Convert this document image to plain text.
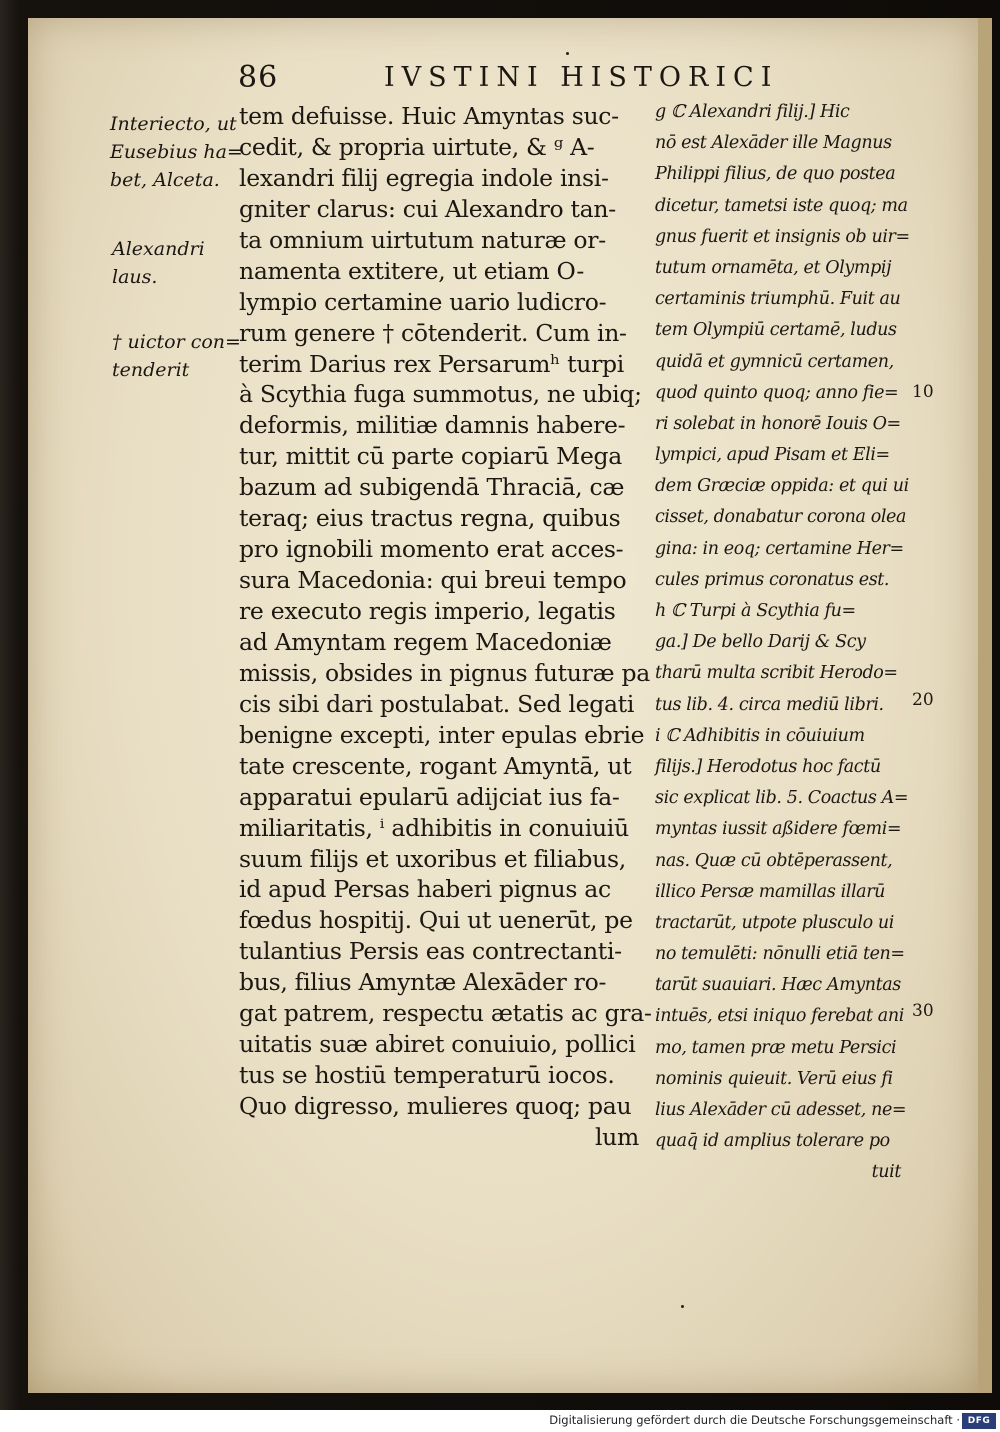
86	IVSTINI HISTORICI
Interiecto, ut
Eusebius ha=
bet, Alceta.
Alexandri
laus.
† uictor con=
tenderit
tem defuisse. Huic Amyntas suc-
cedit, & propria uirtute, & ᵍ A-
lexandri filij egregia indole insi-
gniter clarus: cui Alexandro tan-
ta omnium uirtutum naturæ or-
namenta extitere, ut etiam O-
lympio certamine uario ludicro-
rum genere † cōtenderit. Cum in-
terim Darius rex Persarumʰ turpi
à Scythia fuga summotus, ne ubiq;
deformis, militiæ damnis habere-
tur, mittit cū parte copiarū Mega
bazum ad subigendā Thraciā, cæ
teraq; eius tractus regna, quibus
pro ignobili momento erat acces-
sura Macedonia: qui breui tempo
re executo regis imperio, legatis
ad Amyntam regem Macedoniæ
missis, obsides in pignus futuræ pa
cis sibi dari postulabat. Sed legati
benigne excepti, inter epulas ebrie
tate crescente, rogant Amyntā, ut
apparatui epularū adijciat ius fa-
miliaritatis, ⁱ adhibitis in conuiuiū
suum filijs et uxoribus et filiabus,
id apud Persas haberi pignus ac
fœdus hospitij. Qui ut uenerūt, pe
tulantius Persis eas contrectanti-
bus, filius Amyntæ Alexāder ro-
gat patrem, respectu ætatis ac gra-
uitatis suæ abiret conuiuio, pollici
tus se hostiū temperaturū iocos.
Quo digresso, mulieres quoq; pau
lum
g ℂ Alexandri filij.] Hic
nō est Alexāder ille Magnus
Philippi filius, de quo postea
dicetur, tametsi iste quoq; ma
gnus fuerit et insignis ob uir=
tutum ornamēta, et Olympij
certaminis triumphū. Fuit au
tem Olympiū certamē, ludus
quidā et gymnicū certamen,
quod quinto quoq; anno fie=
ri solebat in honorē Iouis O=
lympici, apud Pisam et Eli=
dem Græciæ oppida: et qui ui
cisset, donabatur corona olea
gina: in eoq; certamine Her=
cules primus coronatus est.
h ℂ Turpi à Scythia fu=
ga.] De bello Darij & Scy
tharū multa scribit Herodo=
tus lib. 4. circa mediū libri.
i ℂ Adhibitis in cōuiuium
filijs.] Herodotus hoc factū
sic explicat lib. 5. Coactus A=
myntas iussit aßidere fœmi=
nas. Quæ cū obtēperassent,
illico Persæ mamillas illarū
tractarūt, utpote plusculo ui
no temulēti: nōnulli etiā ten=
tarūt suauiari. Hæc Amyntas
intuēs, etsi iniquo ferebat ani
mo, tamen præ metu Persici
nominis quieuit. Verū eius fi
lius Alexāder cū adesset, ne=
quaq̄ id amplius tolerare po
tuit
10
20
30
Digitalisierung gefördert durch die Deutsche Forschungsgemeinschaft · DFG
